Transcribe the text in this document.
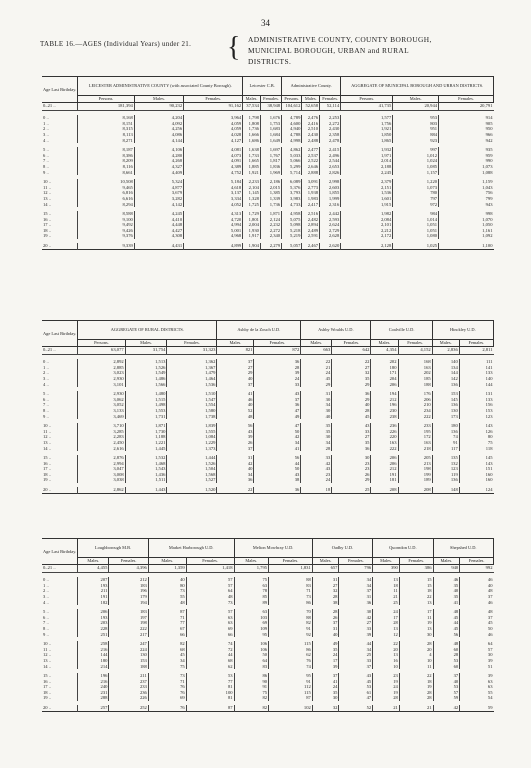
34
TABLE 16.—AGES (Individual Years) under 21. { ADMINISTRATIVE COUNTY, COUNTY BOROUGH,
MUNICIPAL BOROUGH, URBAN and RURAL
DISTRICTS.
Age Last Birthday.	LEICESTER ADMINISTRATIVE COUNTY (with associated County Borough).			Leicester C.B.		Administrative County.			AGGREGATE OF MUNICIPAL BOROUGH AND URBAN DISTRICTS.		
	Persons.	Males.	Females.	Males.	Females.	Persons.	Males.	Females.	Persons.	Males.	Females.
0–21 ..	181,394	90,232	91,162	37,534	38,948	104,612	52,658	52,114	41,735	20,944	20,791

0 ..	8,168	4,204	3,964	1,798	1,676	4,789	2,476	2,253	1,577	953	914
1 ..	8,151	4,092	4,059	1,808	1,753	4,600	2,416	2,272	1,756	803	905
2 ..	8,315	4,256	4,059	1,736	1,683	4,940	2,510	2,430	1,921	951	950
3 ..	8,113	4,086	4,028	1,666	1,684	4,788	2,430	2,358	1,850	884	966
4 ..	8,271	4,144	4,127	1,686	1,649	4,998	2,488	2,478	1,865	923	942

5 ..	8,187	4,106	4,081	1,638	1,697	4,862	2,477	2,415	1,932	997	935
6 ..	8,386	4,280	4,073	1,733	1,767	5,033	2,537	2,496	1,971	1,012	959
7 ..	8,209	4,268	4,091	1,665	1,817	5,066	2,522	2,544	2,014	1,024	990
8 ..	8,116	4,327	4,389	1,885	1,836	5,299	2,646	2,653	2,188	1,085	1,073
9 ..	8,661	4,409	4,752	1,921	1,969	5,714	2,888	2,826	2,245	1,157	1,088

10 ..	10,508	5,324	5,184	2,233	2,186	6,089	3,091	2,998	2,379	1,220	1,159
11 ..	9,465	4,877	4,618	2,104	2,015	5,376	2,773	2,603	2,151	1,073	1,043
12 ..	6,816	3,679	3,137	1,145	1,385	3,793	1,938	1,855	1,536	780	756
13 ..	6,616	3,282	3,334	1,328	1,339	3,983	1,983	1,999	1,601	797	799
14 ..	8,294	4,142	4,052	1,725	1,736	4,733	2,417	2,316	1,915	972	943

15 ..	8,588	4,245	4,313	1,729	1,871	4,958	2,516	2,442	1,982	984	998
16 ..	9,100	4,410	4,720	1,801	2,124	5,075	2,482	2,593	2,084	1,014	1,070
17 ..	9,492	4,448	4,994	2,004	2,232	5,098	2,894	2,624	2,101	1,051	1,050
18 ..	9,426	4,427	5,001	1,930	2,272	5,218	2,489	2,729	2,212	1,051	1,161
19 ..	9,376	4,308	4,968	1,917	2,340	5,219	2,591	2,628	2,172	1,080	1,092

20 ..	9,339	4,431	4,899	1,904	2,279	5,057	2,467	2,620	2,128	1,025	1,100
Age Last Birthday.	AGGREGATE OF RURAL DISTRICTS.			Ashby de la Zouch U.D.		Ashby Woulds U.D.		Coalville U.D.		Hinckley U.D.	
	Persons.	Males.	Females.	Males.	Females.	Males.	Females.	Males.	Females.	Males.	Females.
0–21 ..	63,077	31,754	31,323	821	872	663	642	4,354	4,152	2,836	2,811

0 ..	2,892	1,513	1,362	37	36	22	22	202	168	140	111
1 ..	2,885	1,526	1,367	27	28	21	27	180	163	134	141
2 ..	3,023	1,549	1,479	29	39	24	32	171	202	144	133
3 ..	2,930	1,486	1,464	40	24	45	35	204	185	142	140
4 ..	3,101	1,566	1,536	37	33	29	29	206	188	136	144

5 ..	2,930	1,480	1,510	41	43	31	36	194	176	153	131
6 ..	3,062	1,515	1,547	46	37	30	29	212	206	145	133
7 ..	3,052	1,498	1,554	40	36	34	40	196	210	136	156
8 ..	3,133	1,553	1,580	52	47	30	28	230	234	130	153
9 ..	3,469	1,731	1,738	48	49	40	45	238	222	173	123

10 ..	3,710	1,871	1,839	56	47	35	43	236	233	180	143
11 ..	3,285	1,730	1,555	43	50	35	33	226	195	136	126
12 ..	2,283	1,188	1,084	39	42	30	27	220	172	74	80
13 ..	2,450	1,221	1,229	26	34	34	35	163	163	91	75
14 ..	2,616	1,445	1,373	37	41	28	36	222	218	117	118

15 ..	2,876	1,532	1,444	31	56	33	30	206	205	135	145
16 ..	2,994	1,468	1,526	42	44	42	23	206	213	132	143
17 ..	3,047	1,543	1,504	40	50	43	23	212	198	123	151
18 ..	3,008	1,436	1,568	34	43	23	26	191	199	119	160
19 ..	3,038	1,511	1,527	36	38	24	29	181	189	136	160

20 ..	2,862	1,443	1,520	22	36	18	25	208	208	148	124
Age Last Birthday.	Loughborough M.B.		Market Harborough U.D.		Melton Mowbray U.D.		Oadby U.D.		Quorndon U.D.		Shepshed U.D.	
	Males.	Females.	Males.	Females.	Males.	Females.	Males.	Females.	Males.	Females.	Males.	Females.
0–21 ..	4,455	4,396	1,359	1,418	1,795	1,831	657	796	390	386	940	992

0 ..	207	212	40	57	75	88	31	34	13	15	46	46
1 ..	193	183	80	57	63	83	27	34	18	15	35	40
2 ..	211	196	73	64	78	71	32	37	11	18	40	48
3 ..	191	179	55	48	85	73	28	31	21	22	35	37
4 ..	182	194	48	73	89	86	38	36	25	13	41	46

5 ..	206	183	87	57	63	70	28	30	24	17	48	48
6 ..	193	197	71	63	103	88	26	42	17	11	45	37
7 ..	203	198	77	63	69	82	37	27	28	19	44	45
8 ..	228	222	67	69	109	91	31	33	13	13	45	50
9 ..	251	217	66	66	95	92	40	39	12	30	56	46

10 ..	258	247	82	74	106	115	49	44	22	28	48	64
11 ..	216	224	68	72	106	86	35	34	20	20	60	57
12 ..	144	130	45	44	50	62	24	25	13	4	28	30
13 ..	180	153	34	68	64	76	17	33	16	10	53	39
14 ..	214	188	75	62	83	74	39	37	10	11	60	51

15 ..	196	211	73	53	86	95	37	43	23	22	37	39
16 ..	216	237	71	77	90	91	41	45	19	18	40	63
17 ..	240	233	76	81	91	112	24	53	24	19	53	63
18 ..	231	236	76	100	75	115	35	61	19	28	57	55
19 ..	288	226	69	81	82	87	30	47	28	28	59	54

20 ..	257	252	76	87	82	102	32	52	21	21	42	59
